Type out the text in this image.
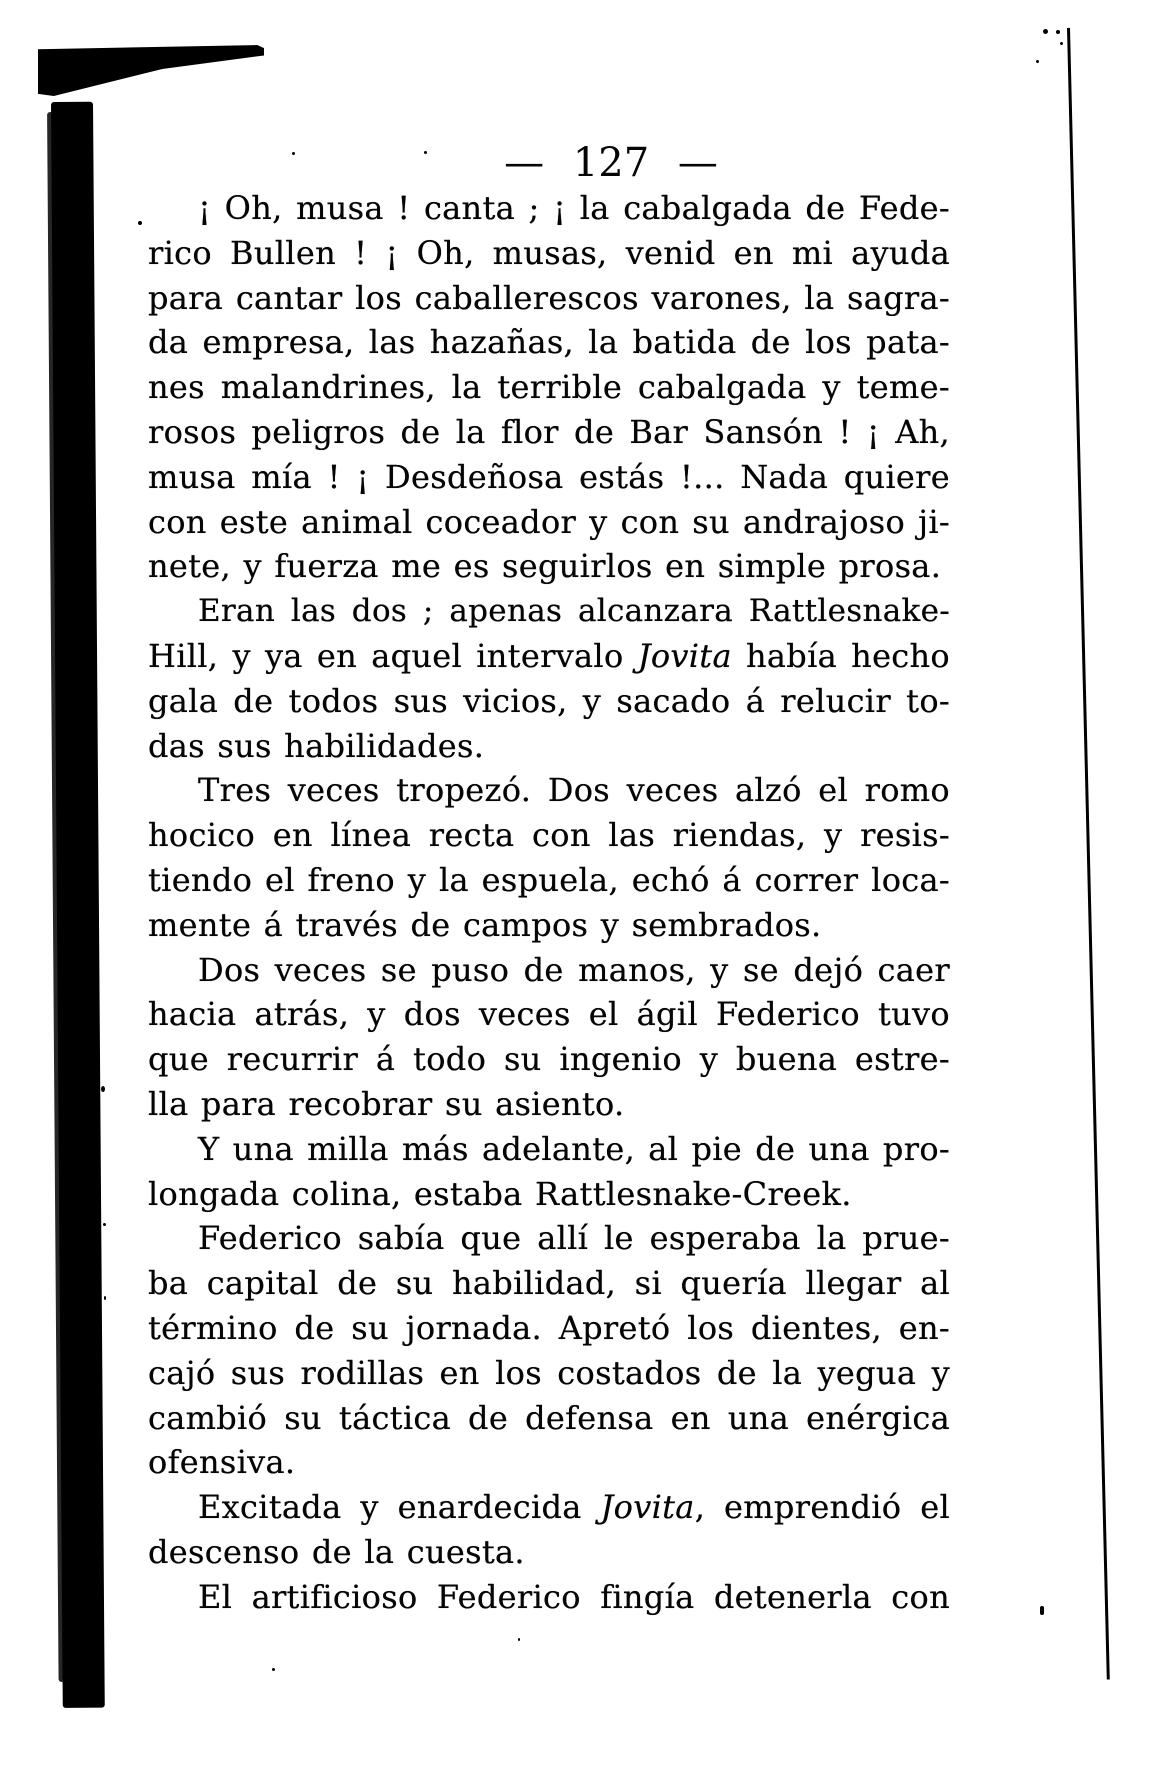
— 127 —
¡ Oh, musa ! canta ; ¡ la cabalgada de Fede-
rico Bullen ! ¡ Oh, musas, venid en mi ayuda
para cantar los caballerescos varones, la sagra-
da empresa, las hazañas, la batida de los pata-
nes malandrines, la terrible cabalgada y teme-
rosos peligros de la flor de Bar Sansón ! ¡ Ah,
musa mía ! ¡ Desdeñosa estás !... Nada quiere
con este animal coceador y con su andrajoso ji-
nete, y fuerza me es seguirlos en simple prosa.
Eran las dos ; apenas alcanzara Rattlesnake-
Hill, y ya en aquel intervalo Jovita había hecho
gala de todos sus vicios, y sacado á relucir to-
das sus habilidades.
Tres veces tropezó. Dos veces alzó el romo
hocico en línea recta con las riendas, y resis-
tiendo el freno y la espuela, echó á correr loca-
mente á través de campos y sembrados.
Dos veces se puso de manos, y se dejó caer
hacia atrás, y dos veces el ágil Federico tuvo
que recurrir á todo su ingenio y buena estre-
lla para recobrar su asiento.
Y una milla más adelante, al pie de una pro-
longada colina, estaba Rattlesnake-Creek.
Federico sabía que allí le esperaba la prue-
ba capital de su habilidad, si quería llegar al
término de su jornada. Apretó los dientes, en-
cajó sus rodillas en los costados de la yegua y
cambió su táctica de defensa en una enérgica
ofensiva.
Excitada y enardecida Jovita, emprendió el
descenso de la cuesta.
El artificioso Federico fingía detenerla con
